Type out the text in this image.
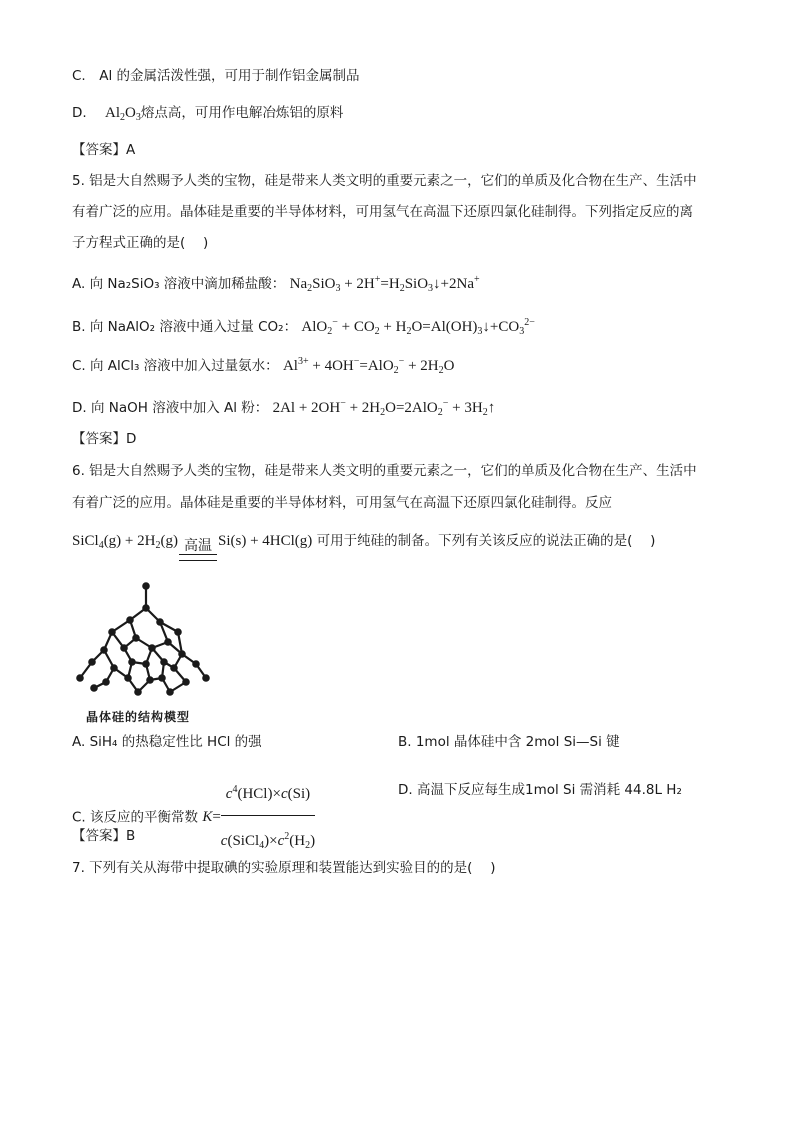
C.　Al 的金属活泼性强，可用于制作铝金属制品
D. $Al_2O_3$熔点高，可用作电解冶炼铝的原料
【答案】A
5. 铝是大自然赐予人类的宝物，硅是带来人类文明的重要元素之一，它们的单质及化合物在生产、生活中
有着广泛的应用。晶体硅是重要的半导体材料，可用氢气在高温下还原四氯化硅制得。下列指定反应的离
子方程式正确的是(　 )
A. 向 Na₂SiO₃ 溶液中滴加稀盐酸： $Na_2SiO_3$ + $2H^+=H_2SiO_3↓+2Na^+$
B. 向 NaAlO₂ 溶液中通入过量 CO₂： $AlO_2^- + CO_2$ + $H_2O=Al(OH)_3↓+CO_3^{2-}$
C. 向 AlCl₃ 溶液中加入过量氨水： $Al^{3+} + 4OH^-=AlO_2^- + 2H_2O$
D. 向 NaOH 溶液中加入 Al 粉： $2Al + 2OH^- + 2H_2O=2AlO_2^-$ + $3H_2↑$
【答案】D
6. 铝是大自然赐予人类的宝物，硅是带来人类文明的重要元素之一，它们的单质及化合物在生产、生活中
有着广泛的应用。晶体硅是重要的半导体材料，可用氢气在高温下还原四氯化硅制得。反应
SiCl$_4$(g) + $2H_2(g)$ 高温 Si(s) + 4HCl(g) 可用于纯硅的制备。下列有关该反应的说法正确的是(　 )
晶体硅的结构模型
A. SiH₄ 的热稳定性比 HCl 的强	B. 1mol 晶体硅中含 2mol Si—Si 键
C. 该反应的平衡常数 $K= \frac{c^4(HCl)\times c(Si)}{c(SiCl_4)\times c^2(H_2)}$	D. 高温下反应每生成1mol Si 需消耗 44.8L H₂
【答案】B
7. 下列有关从海带中提取碘的实验原理和装置能达到实验目的的是(　 )
